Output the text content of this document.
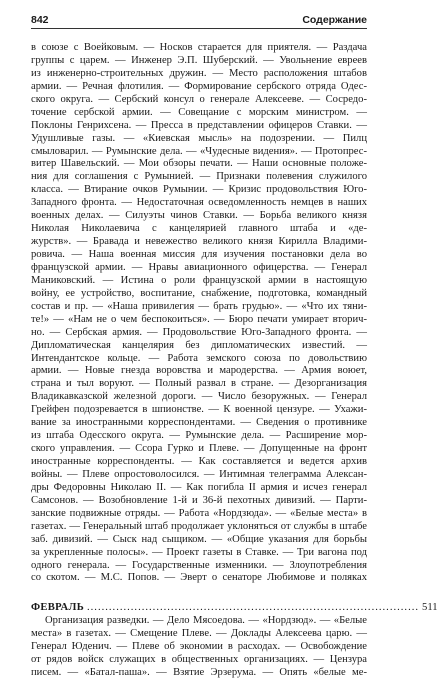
842	Содержание
в союзе с Воейковым. — Носков старается для приятеля. — Раздача
группы с царем. — Инженер Э.П. Шуберский. — Увольнение евреев
из инженерно-строительных дружин. — Место расположения штабов
армии. — Речная флотилия. — Формирование сербского отряда Одес-
ского округа. — Сербский консул о генерале Алексееве. — Сосредо-
точение сербской армии. — Совещание с морским министром. —
Поклоны Генрихсена. — Пресса в представлении офицеров Ставки. —
Удушливые газы. — «Киевская мысль» на подозрении. — Пилц
смыловарил. — Румынские дела. — «Чудесные видения». — Протопрес-
витер Шавельский. — Мои обзоры печати. — Наши основные положе-
ния для соглашения с Румынией. — Признаки полевения служилого
класса. — Втирание очков Румынии. — Кризис продовольствия Юго-
Западного фронта. — Недостаточная осведомленность немцев в наших
военных делах. — Силуэты чинов Ставки. — Борьба великого князя
Николая Николаевича с канцелярией главного штаба и «де-
журств». — Бравада и невежество великого князя Кирилла Владими-
ровича. — Наша военная миссия для изучения постановки дела во
французской армии. — Нравы авиационного офицерства. — Генерал
Маниковский. — Истина о роли французской армии в настоящую
войну, ее устройство, воспитание, снабжение, подготовка, командный
состав и пр. — «Наша привилегия — брать грудью». — «Что их тяни-
те!» — «Нам не о чем беспокоиться». — Бюро печати умирает вторич-
но. — Сербская армия. — Продовольствие Юго-Западного фронта. —
Дипломатическая канцелярия без дипломатических известий. —
Интендантское кольце. — Работа земского союза по довольствию
армии. — Новые гнезда воровства и мародерства. — Армия воюет,
страна и тыл воруют. — Полный развал в стране. — Дезорганизация
Владикавказской железной дороги. — Число безоружных. — Генерал
Грейфен подозревается в шпионстве. — К военной цензуре. — Ухажи-
вание за иностранными корреспондентами. — Сведения о противнике
из штаба Одесского округа. — Румынские дела. — Расширение мор-
ского управления. — Ссора Гурко и Плеве. — Допущенные на фронт
иностранные корреспонденты. — Как составляется и ведется архив
войны. — Плеве опростоволосился. — Интимная телеграмма Алексан-
дры Федоровны Николаю II. — Как погибла II армия и исчез генерал
Самсонов. — Возобновление 1-й и 36-й пехотных дивизий. — Парти-
занские подвижные отряды. — Работа «Нордзюда». — «Белые места» в
газетах. — Генеральный штаб продолжает уклоняться от службы в штабе
заб. дивизий. — Сыск над сыщиком. — «Общие указания для борьбы
за укрепленные полосы». — Проект газеты в Ставке. — Три вагона под
одного генерала. — Государственные изменники. — Злоупотребления
со скотом. — М.С. Попов. — Эверт о сенаторе Любимове и поляках
ФЕВРАЛЬ ........................................................................................... 511
Организация разведки. — Дело Мясоедова. — «Нордзюд». — «Белые
места» в газетах. — Смещение Плеве. — Доклады Алексеева царю. —
Генерал Юденич. — Плеве об экономии в расходах. — Освобождение
от рядов войск служащих в общественных организациях. — Цензура
писем. — «Батал-паша». — Взятие Эрзерума. — Опять «белые ме-
